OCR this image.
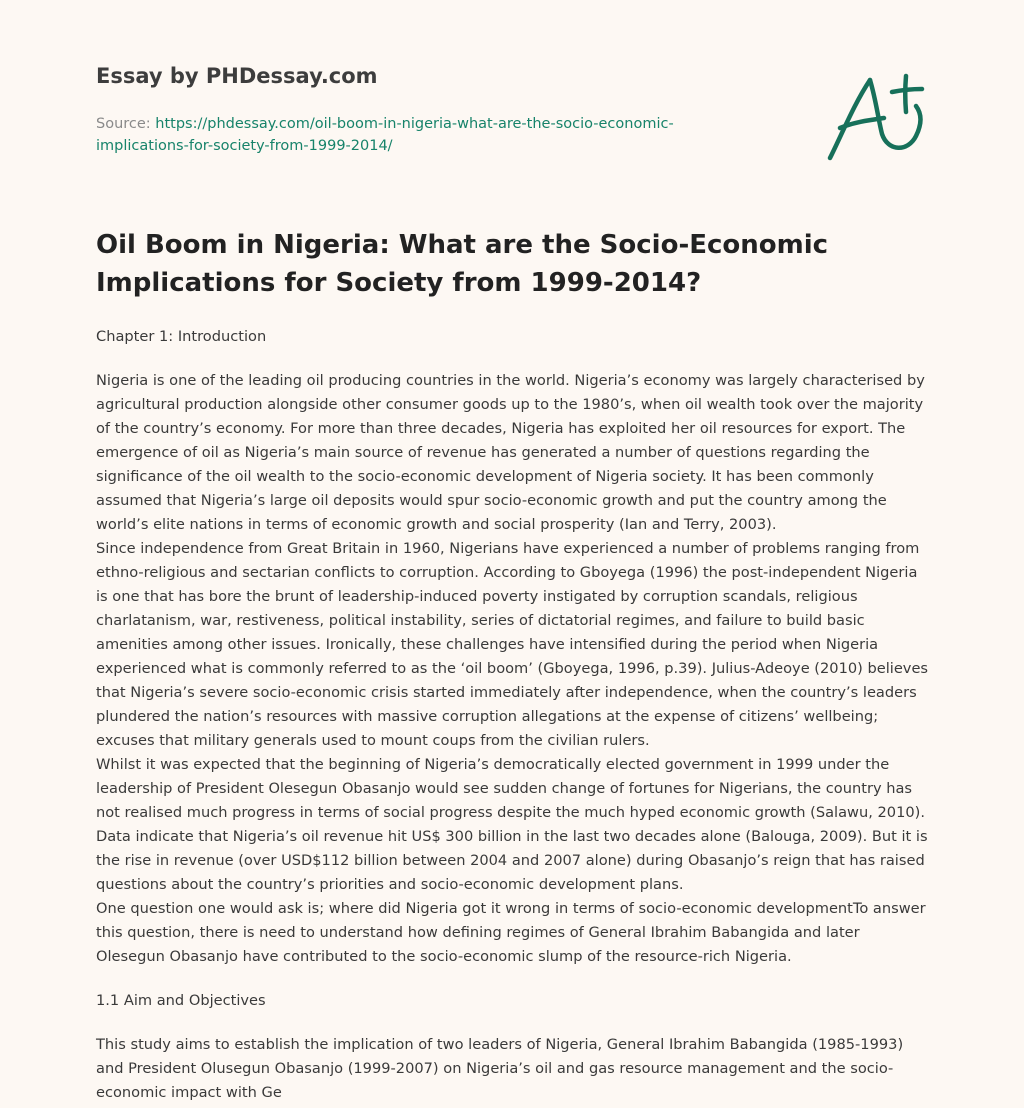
Essay by PHDessay.com

Source: https://phdessay.com/oil-boom-in-nigeria-what-are-the-socio-economic-implications-for-society-from-1999-2014/

Oil Boom in Nigeria: What are the Socio-Economic Implications for Society from 1999-2014?

Chapter 1: Introduction

Nigeria is one of the leading oil producing countries in the world. Nigeria’s economy was largely characterised by agricultural production alongside other consumer goods up to the 1980’s, when oil wealth took over the majority of the country’s economy. For more than three decades, Nigeria has exploited her oil resources for export. The emergence of oil as Nigeria’s main source of revenue has generated a number of questions regarding the significance of the oil wealth to the socio-economic development of Nigeria society. It has been commonly assumed that Nigeria’s large oil deposits would spur socio-economic growth and put the country among the world’s elite nations in terms of economic growth and social prosperity (Ian and Terry, 2003).

Since independence from Great Britain in 1960, Nigerians have experienced a number of problems ranging from ethno-religious and sectarian conflicts to corruption. According to Gboyega (1996) the post-independent Nigeria is one that has bore the brunt of leadership-induced poverty instigated by corruption scandals, religious charlatanism, war, restiveness, political instability, series of dictatorial regimes, and failure to build basic amenities among other issues. Ironically, these challenges have intensified during the period when Nigeria experienced what is commonly referred to as the ‘oil boom’ (Gboyega, 1996, p.39). Julius-Adeoye (2010) believes that Nigeria’s severe socio-economic crisis started immediately after independence, when the country’s leaders plundered the nation’s resources with massive corruption allegations at the expense of citizens’ wellbeing; excuses that military generals used to mount coups from the civilian rulers.

Whilst it was expected that the beginning of Nigeria’s democratically elected government in 1999 under the leadership of President Olesegun Obasanjo would see sudden change of fortunes for Nigerians, the country has not realised much progress in terms of social progress despite the much hyped economic growth (Salawu, 2010). Data indicate that Nigeria’s oil revenue hit US$ 300 billion in the last two decades alone (Balouga, 2009). But it is the rise in revenue (over USD$112 billion between 2004 and 2007 alone) during Obasanjo’s reign that has raised questions about the country’s priorities and socio-economic development plans.

One question one would ask is; where did Nigeria got it wrong in terms of socio-economic developmentTo answer this question, there is need to understand how defining regimes of General Ibrahim Babangida and later Olesegun Obasanjo have contributed to the socio-economic slump of the resource-rich Nigeria.

1.1 Aim and Objectives

This study aims to establish the implication of two leaders of Nigeria, General Ibrahim Babangida (1985-1993) and President Olusegun Obasanjo (1999-2007) on Nigeria’s oil and gas resource management and the socio-economic impact with Ge
